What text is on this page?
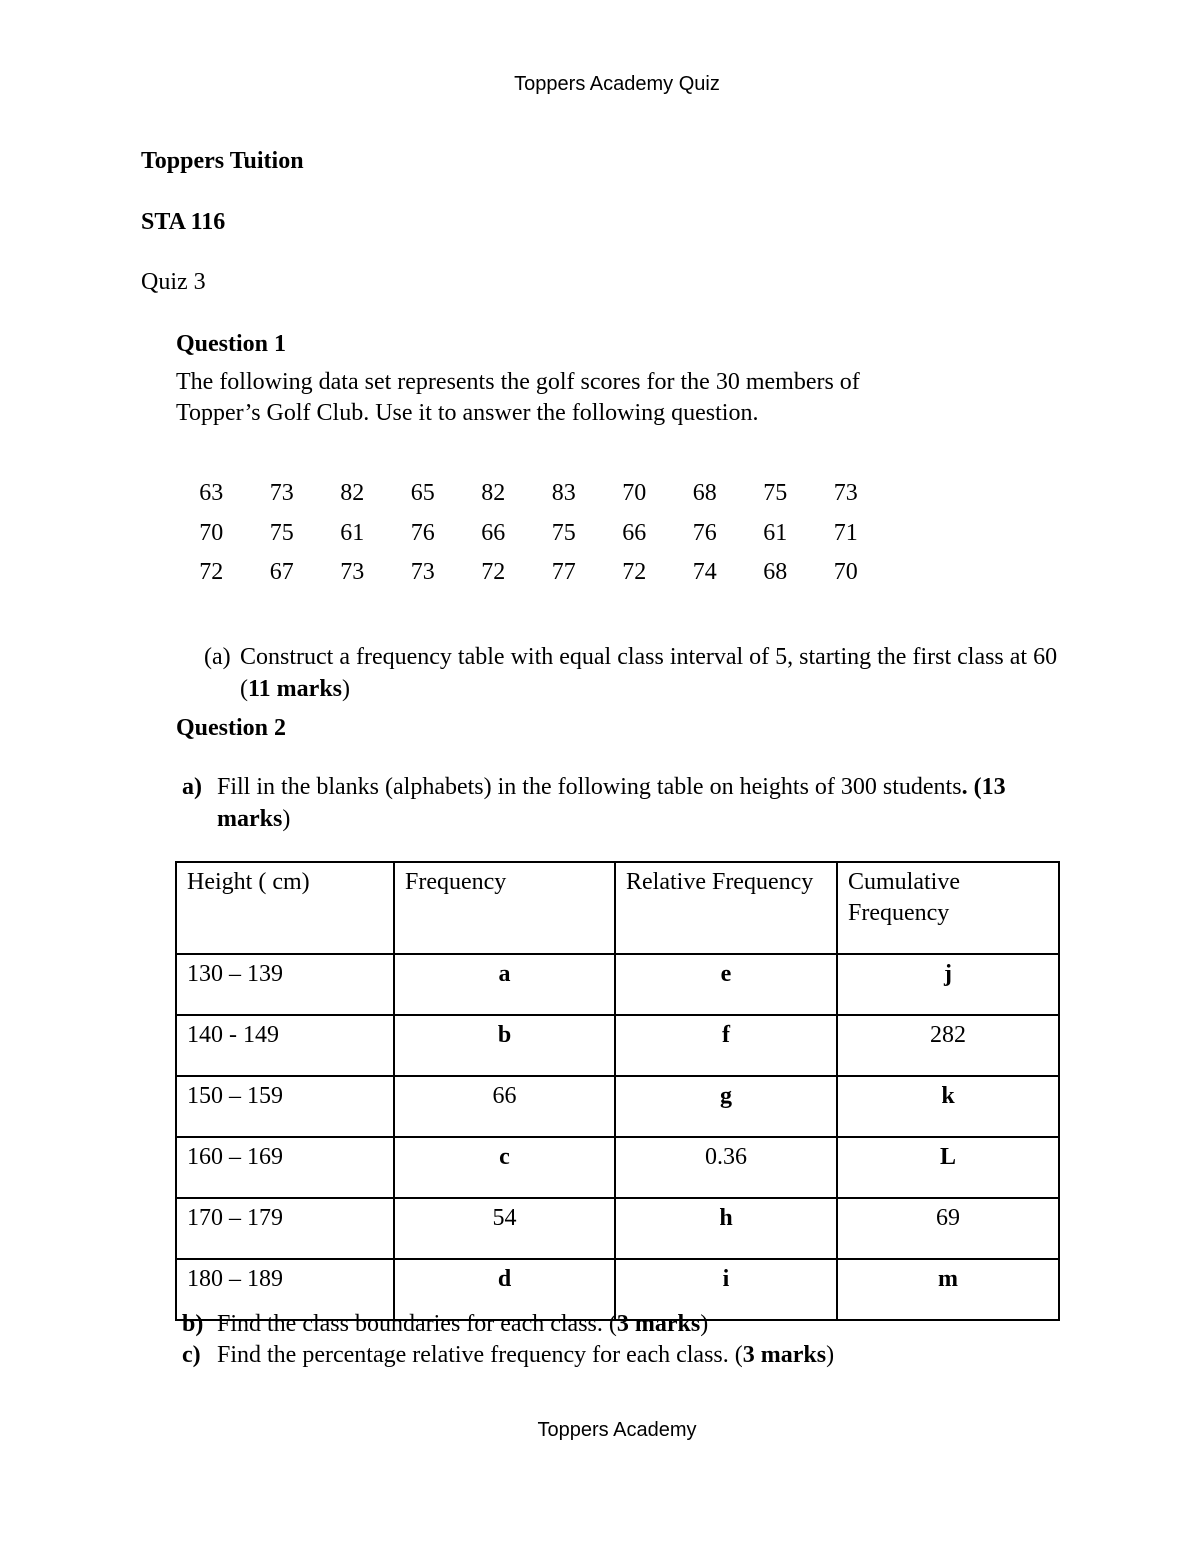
Toppers Academy Quiz
Toppers Tuition
STA 116
Quiz 3
Question 1
The following data set represents the golf scores for the 30 members of
Topper’s Golf Club. Use it to answer the following question.
63	73	82	65	82	83	70	68	75	73
70	75	61	76	66	75	66	76	61	71
72	67	73	73	72	77	72	74	68	70
(a) Construct a frequency table with equal class interval of 5, starting the first class at 60 (11 marks)
Question 2
a) Fill in the blanks (alphabets) in the following table on heights of 300 students. (13 marks)
Height ( cm)	Frequency	Relative Frequency	Cumulative Frequency
130 – 139	a	e	j
140 - 149	b	f	282
150 – 159	66	g	k
160 – 169	c	0.36	L
170 – 179	54	h	69
180 – 189	d	i	m
b) Find the class boundaries for each class. (3 marks)
c) Find the percentage relative frequency for each class. (3 marks)
Toppers Academy
